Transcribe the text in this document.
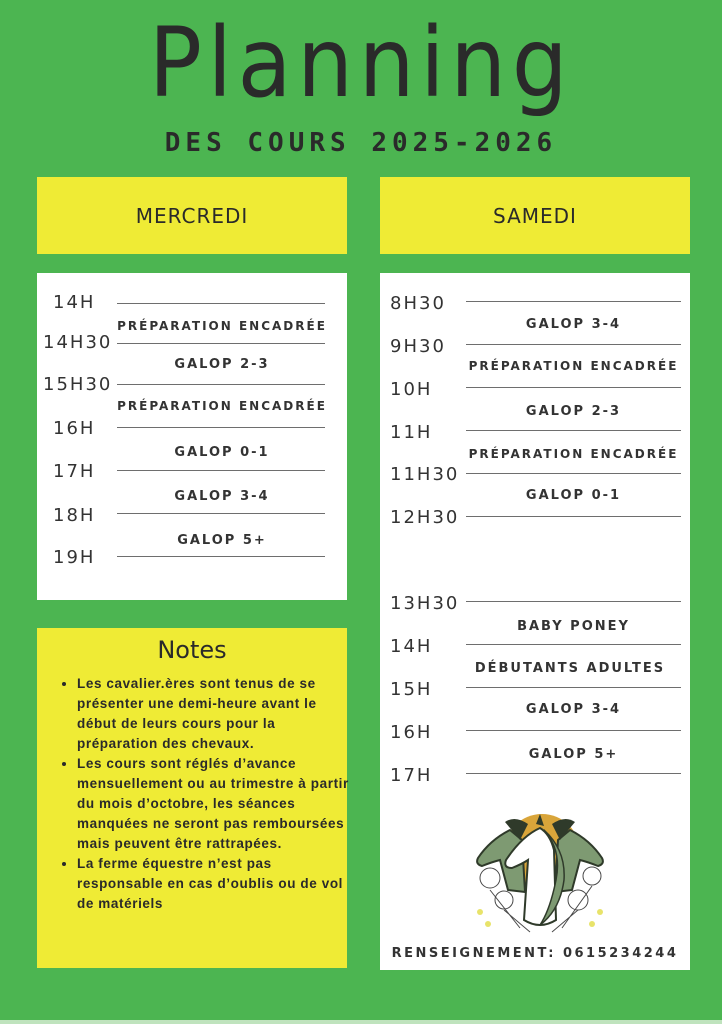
Planning
DES COURS 2025-2026
MERCREDI	SAMEDI
14H
PRÉPARATION ENCADRÉE
14H30
GALOP 2-3
15H30
PRÉPARATION ENCADRÉE
16H
GALOP 0-1
17H
GALOP 3-4
18H
GALOP 5+
19H
Notes
• Les cavalier.ères sont tenus de se présenter une demi-heure avant le début de leurs cours pour la préparation des chevaux.
• Les cours sont réglés d’avance mensuellement ou au trimestre à partir du mois d’octobre, les séances manquées ne seront pas remboursées mais peuvent être rattrapées.
• La ferme équestre n’est pas responsable en cas d’oublis ou de vol de matériels
8H30
GALOP 3-4
9H30
PRÉPARATION ENCADRÉE
10H
GALOP 2-3
11H
PRÉPARATION ENCADRÉE
11H30
GALOP 0-1
12H30
13H30
BABY PONEY
14H
DÉBUTANTS ADULTES
15H
GALOP 3-4
16H
GALOP 5+
17H
RENSEIGNEMENT: 0615234244
